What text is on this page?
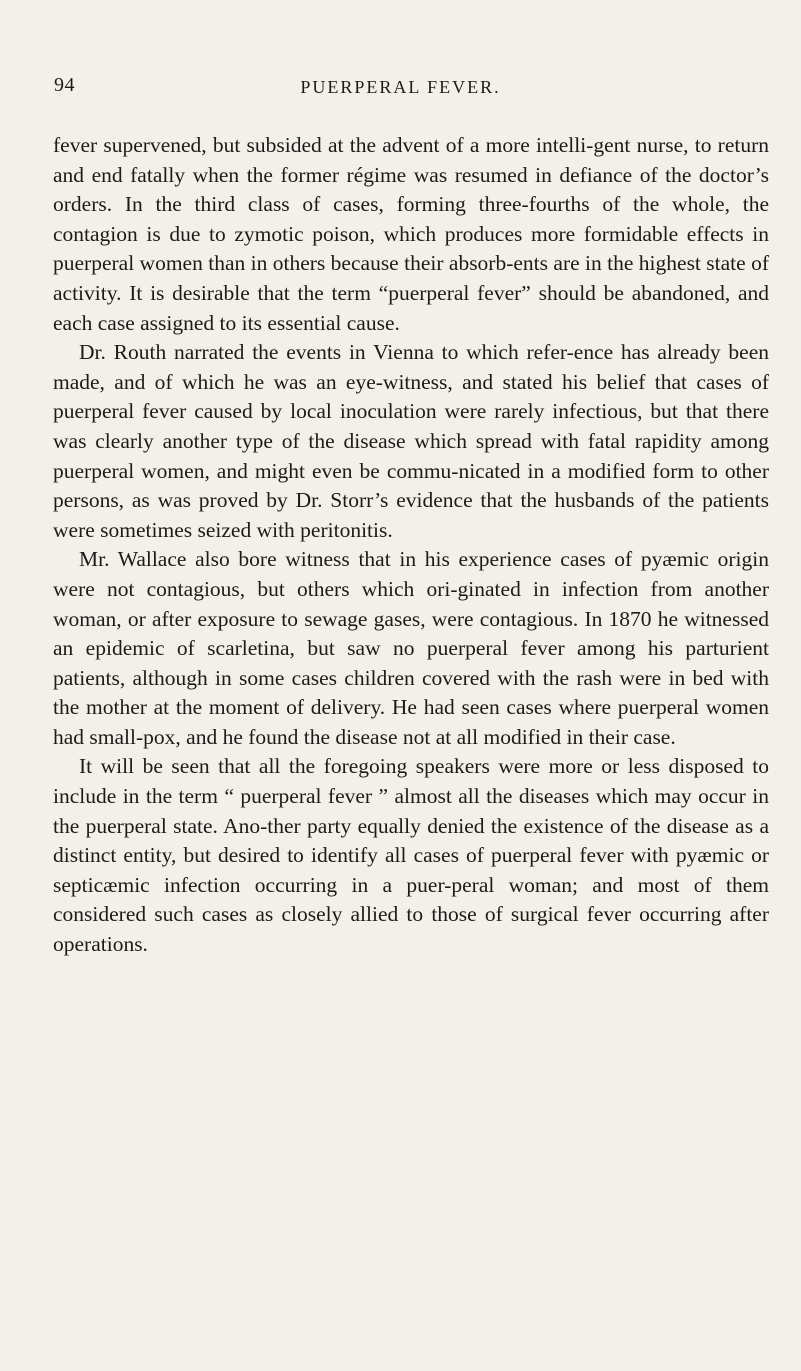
94	PUERPERAL FEVER.

fever supervened, but subsided at the advent of a more intelli-gent nurse, to return and end fatally when the former régime was resumed in defiance of the doctor’s orders. In the third class of cases, forming three-fourths of the whole, the contagion is due to zymotic poison, which produces more formidable effects in puerperal women than in others because their absorb-ents are in the highest state of activity. It is desirable that the term “puerperal fever” should be abandoned, and each case assigned to its essential cause.

Dr. Routh narrated the events in Vienna to which refer-ence has already been made, and of which he was an eye-witness, and stated his belief that cases of puerperal fever caused by local inoculation were rarely infectious, but that there was clearly another type of the disease which spread with fatal rapidity among puerperal women, and might even be commu-nicated in a modified form to other persons, as was proved by Dr. Storr’s evidence that the husbands of the patients were sometimes seized with peritonitis.

Mr. Wallace also bore witness that in his experience cases of pyæmic origin were not contagious, but others which ori-ginated in infection from another woman, or after exposure to sewage gases, were contagious. In 1870 he witnessed an epidemic of scarletina, but saw no puerperal fever among his parturient patients, although in some cases children covered with the rash were in bed with the mother at the moment of delivery. He had seen cases where puerperal women had small-pox, and he found the disease not at all modified in their case.

It will be seen that all the foregoing speakers were more or less disposed to include in the term “ puerperal fever ” almost all the diseases which may occur in the puerperal state. Ano-ther party equally denied the existence of the disease as a distinct entity, but desired to identify all cases of puerperal fever with pyæmic or septicæmic infection occurring in a puer-peral woman; and most of them considered such cases as closely allied to those of surgical fever occurring after operations.
